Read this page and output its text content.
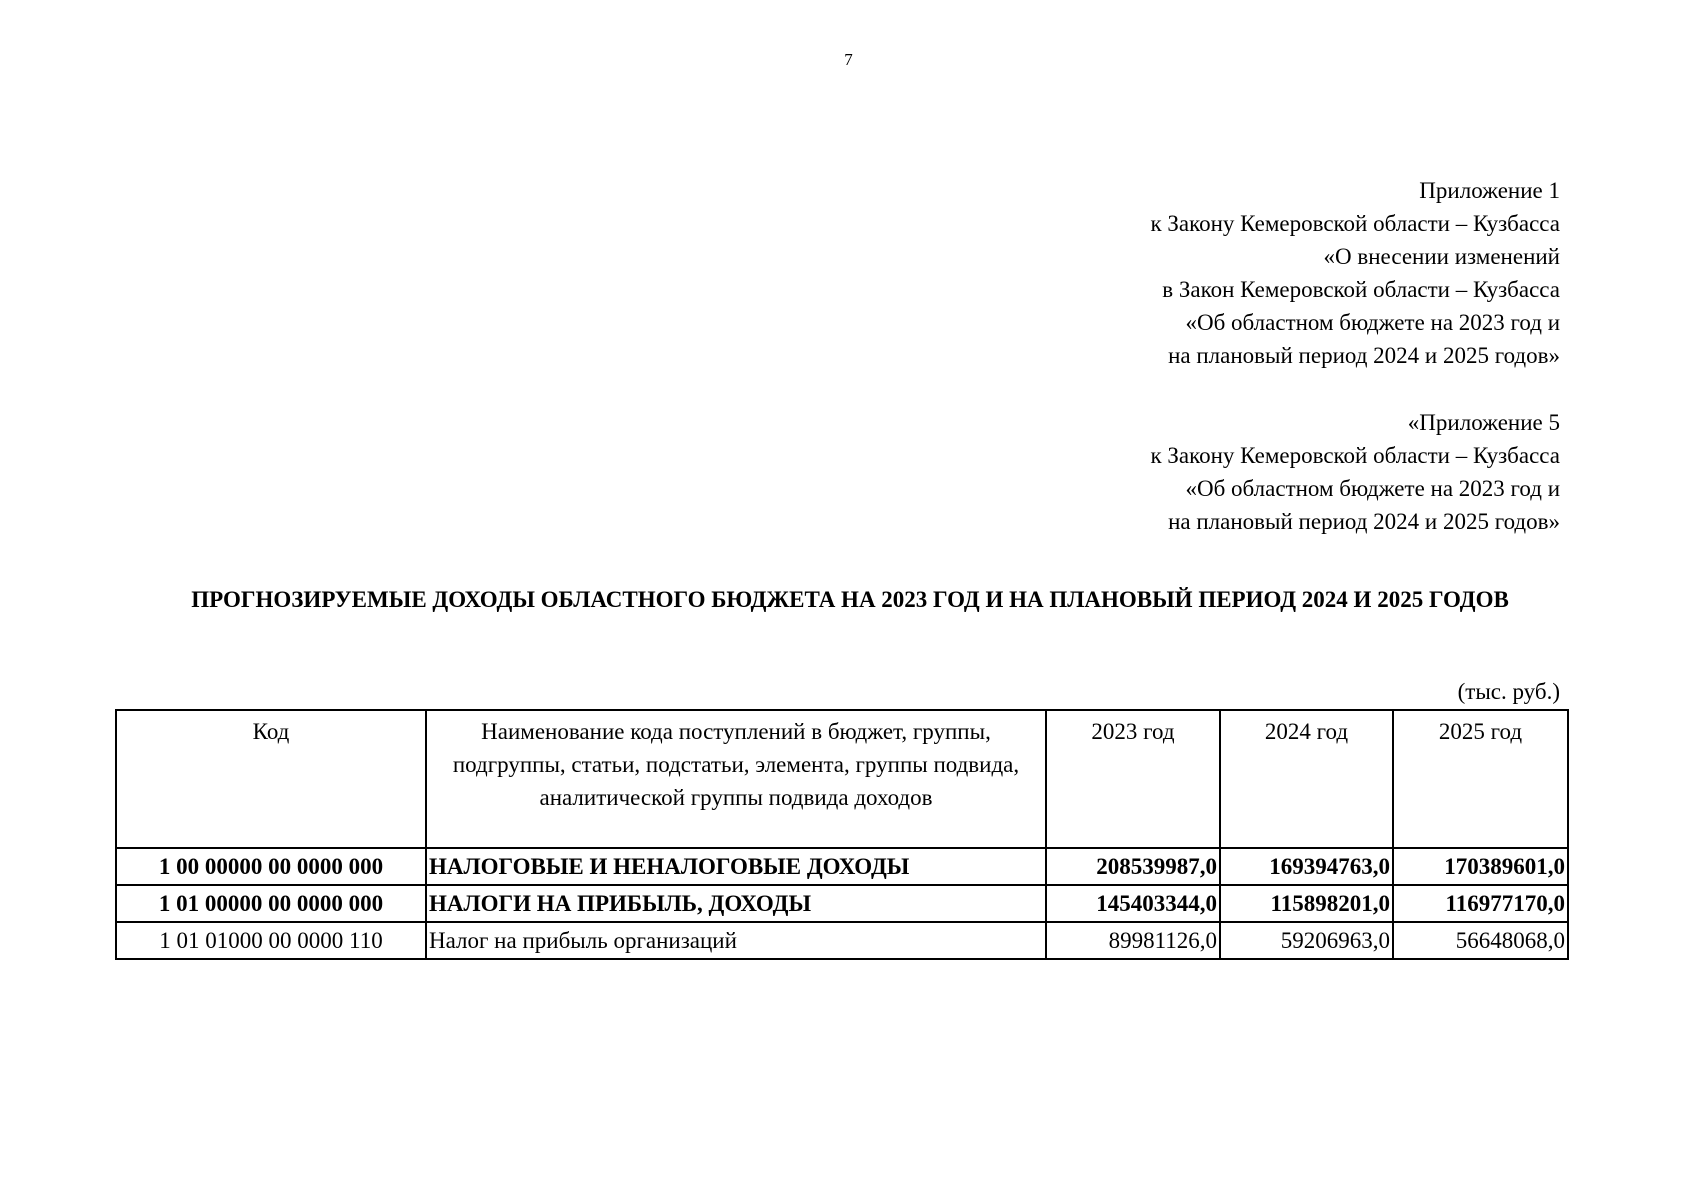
7
Приложение 1
к Закону Кемеровской области – Кузбасса
«О внесении изменений
в Закон Кемеровской области – Кузбасса
«Об областном бюджете на 2023 год и
на плановый период 2024 и 2025 годов»
«Приложение 5
к Закону Кемеровской области – Кузбасса
«Об областном бюджете на 2023 год и
на плановый период 2024 и 2025 годов»
ПРОГНОЗИРУЕМЫЕ ДОХОДЫ ОБЛАСТНОГО БЮДЖЕТА НА 2023 ГОД И НА ПЛАНОВЫЙ ПЕРИОД 2024 И 2025 ГОДОВ
(тыс. руб.)
Код	Наименование кода поступлений в бюджет, группы, подгруппы, статьи, подстатьи, элемента, группы подвида, аналитической группы подвида доходов	2023 год	2024 год	2025 год
1 00 00000 00 0000 000	НАЛОГОВЫЕ И НЕНАЛОГОВЫЕ ДОХОДЫ	208539987,0	169394763,0	170389601,0
1 01 00000 00 0000 000	НАЛОГИ НА ПРИБЫЛЬ, ДОХОДЫ	145403344,0	115898201,0	116977170,0
1 01 01000 00 0000 110	Налог на прибыль организаций	89981126,0	59206963,0	56648068,0
